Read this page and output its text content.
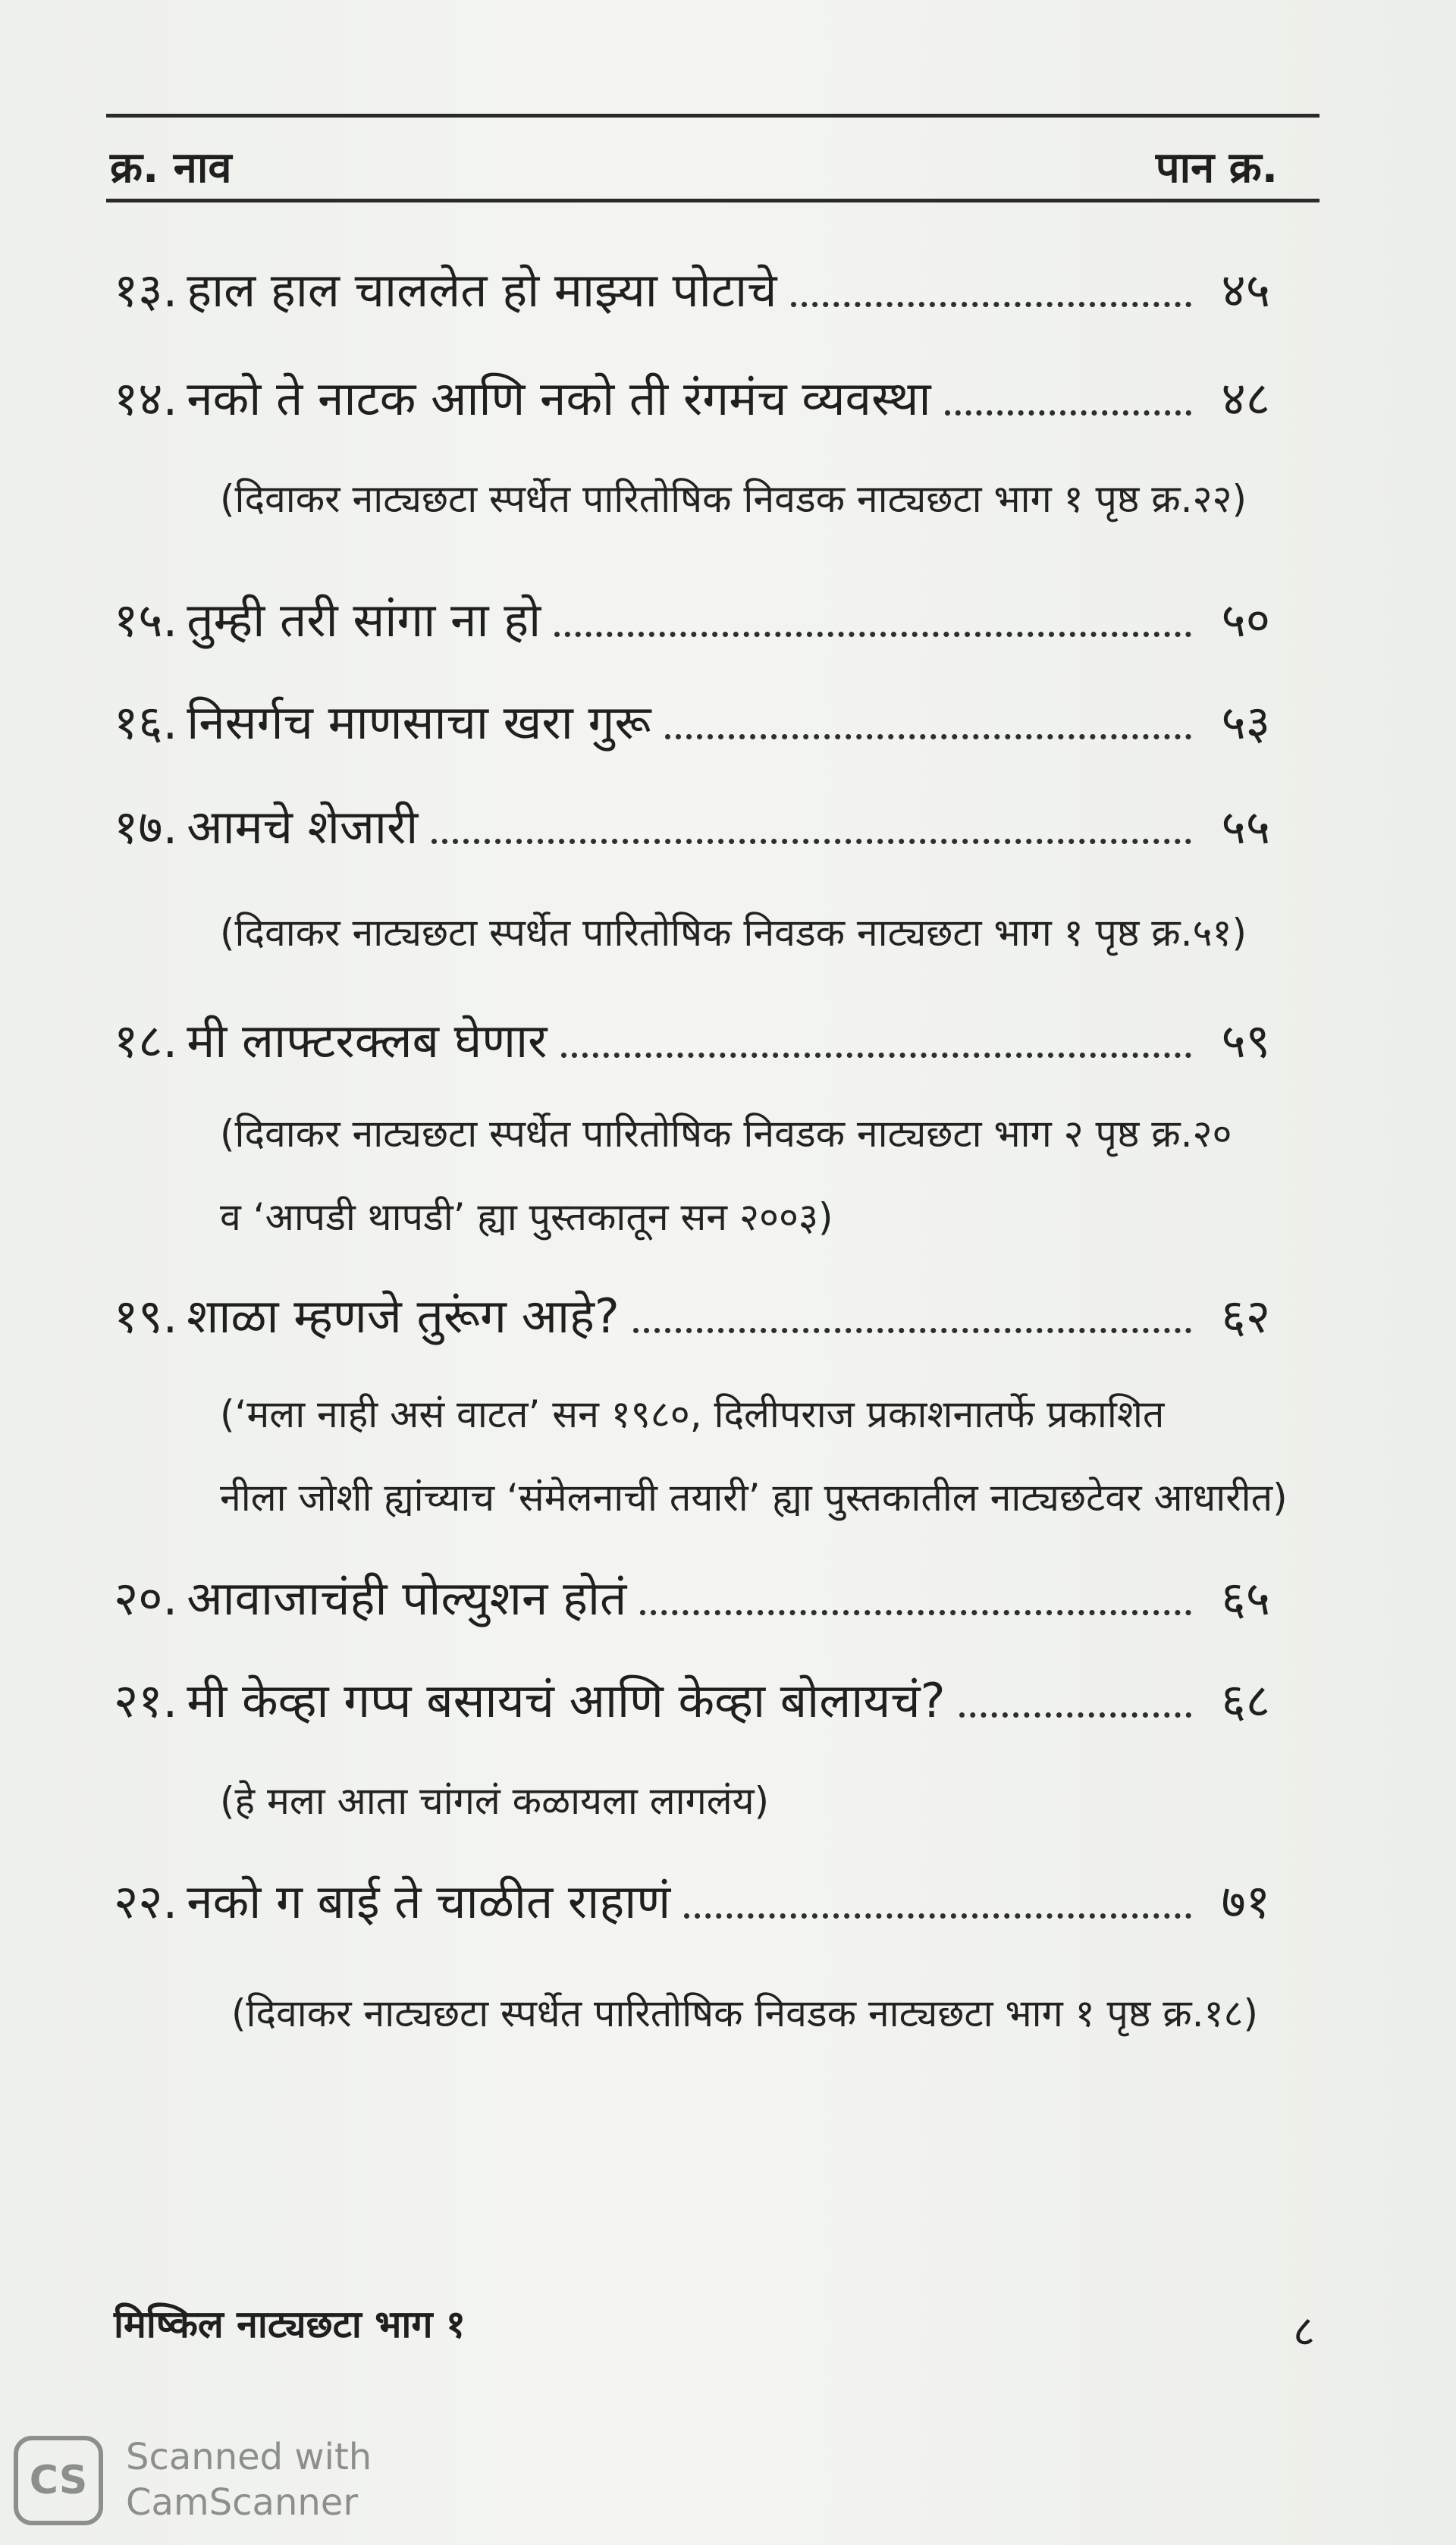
क्र. नाव	पान क्र.
१३. हाल हाल चाललेत हो माझ्या पोटाचे	४५
१४. नको ते नाटक आणि नको ती रंगमंच व्यवस्था	४८
(दिवाकर नाट्यछटा स्पर्धेत पारितोषिक निवडक नाट्यछटा भाग १ पृष्ठ क्र.२२)
१५. तुम्ही तरी सांगा ना हो	५०
१६. निसर्गच माणसाचा खरा गुरू	५३
१७. आमचे शेजारी	५५
(दिवाकर नाट्यछटा स्पर्धेत पारितोषिक निवडक नाट्यछटा भाग १ पृष्ठ क्र.५१)
१८. मी लाफ्टरक्लब घेणार	५९
(दिवाकर नाट्यछटा स्पर्धेत पारितोषिक निवडक नाट्यछटा भाग २ पृष्ठ क्र.२०
व ‘आपडी थापडी’ ह्या पुस्तकातून सन २००३)
१९. शाळा म्हणजे तुरूंग आहे?	६२
(‘मला नाही असं वाटत’ सन १९८०, दिलीपराज प्रकाशनातर्फे प्रकाशित
नीला जोशी ह्यांच्याच ‘संमेलनाची तयारी’ ह्या पुस्तकातील नाट्यछटेवर आधारीत)
२०. आवाजाचंही पोल्युशन होतं	६५
२१. मी केव्हा गप्प बसायचं आणि केव्हा बोलायचं?	६८
(हे मला आता चांगलं कळायला लागलंय)
२२. नको ग बाई ते चाळीत राहाणं	७१
(दिवाकर नाट्यछटा स्पर्धेत पारितोषिक निवडक नाट्यछटा भाग १ पृष्ठ क्र.१८)
मिष्किल नाट्यछटा भाग १	८
CS
Scanned with
CamScanner
